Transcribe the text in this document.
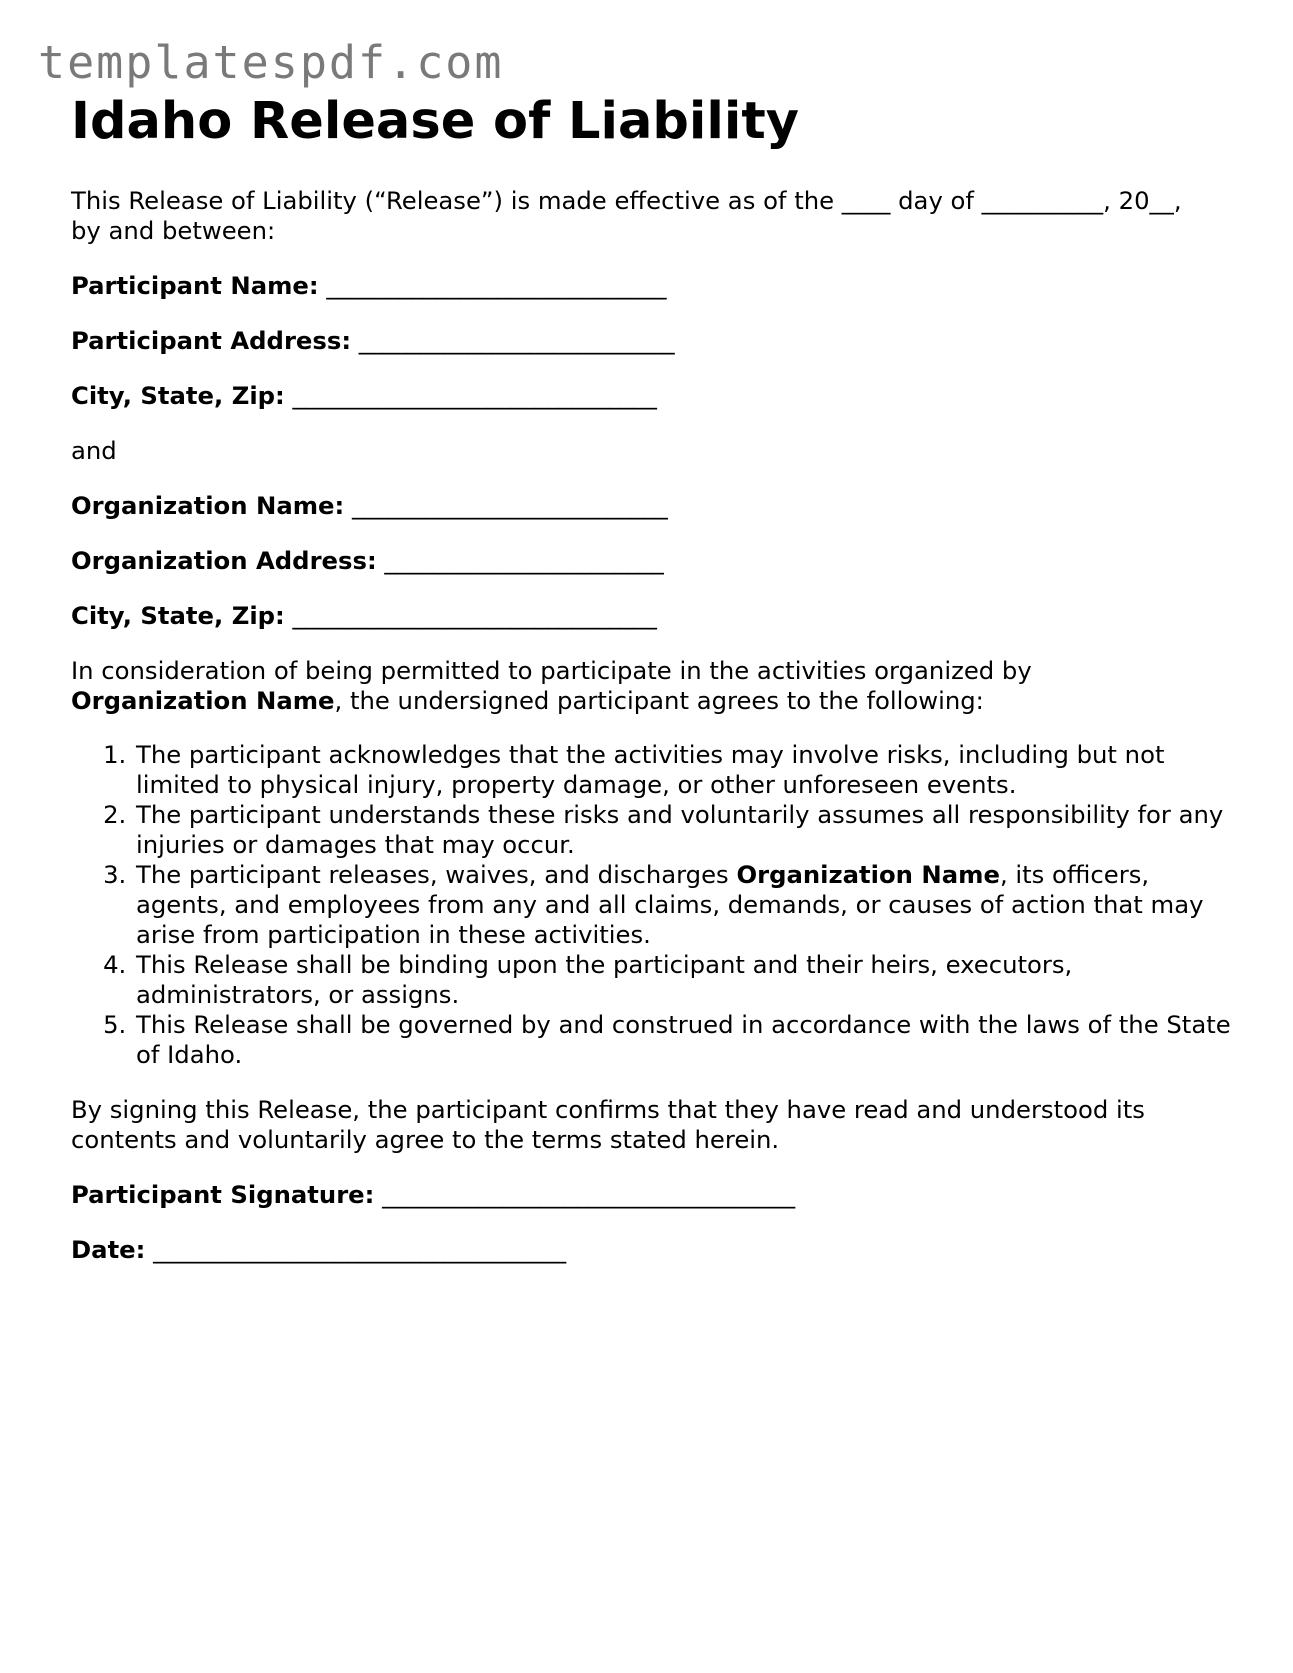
templatespdf.com
Idaho Release of Liability

This Release of Liability (“Release”) is made effective as of the ____ day of __________, 20__,
by and between:

Participant Name: ____________________________

Participant Address: __________________________

City, State, Zip: ______________________________

and

Organization Name: __________________________

Organization Address: _______________________

City, State, Zip: ______________________________

In consideration of being permitted to participate in the activities organized by
Organization Name, the undersigned participant agrees to the following:

1. The participant acknowledges that the activities may involve risks, including but not limited to physical injury, property damage, or other unforeseen events.
2. The participant understands these risks and voluntarily assumes all responsibility for any injuries or damages that may occur.
3. The participant releases, waives, and discharges Organization Name, its officers, agents, and employees from any and all claims, demands, or causes of action that may arise from participation in these activities.
4. This Release shall be binding upon the participant and their heirs, executors, administrators, or assigns.
5. This Release shall be governed by and construed in accordance with the laws of the State of Idaho.

By signing this Release, the participant confirms that they have read and understood its
contents and voluntarily agree to the terms stated herein.

Participant Signature: __________________________________

Date: __________________________________
